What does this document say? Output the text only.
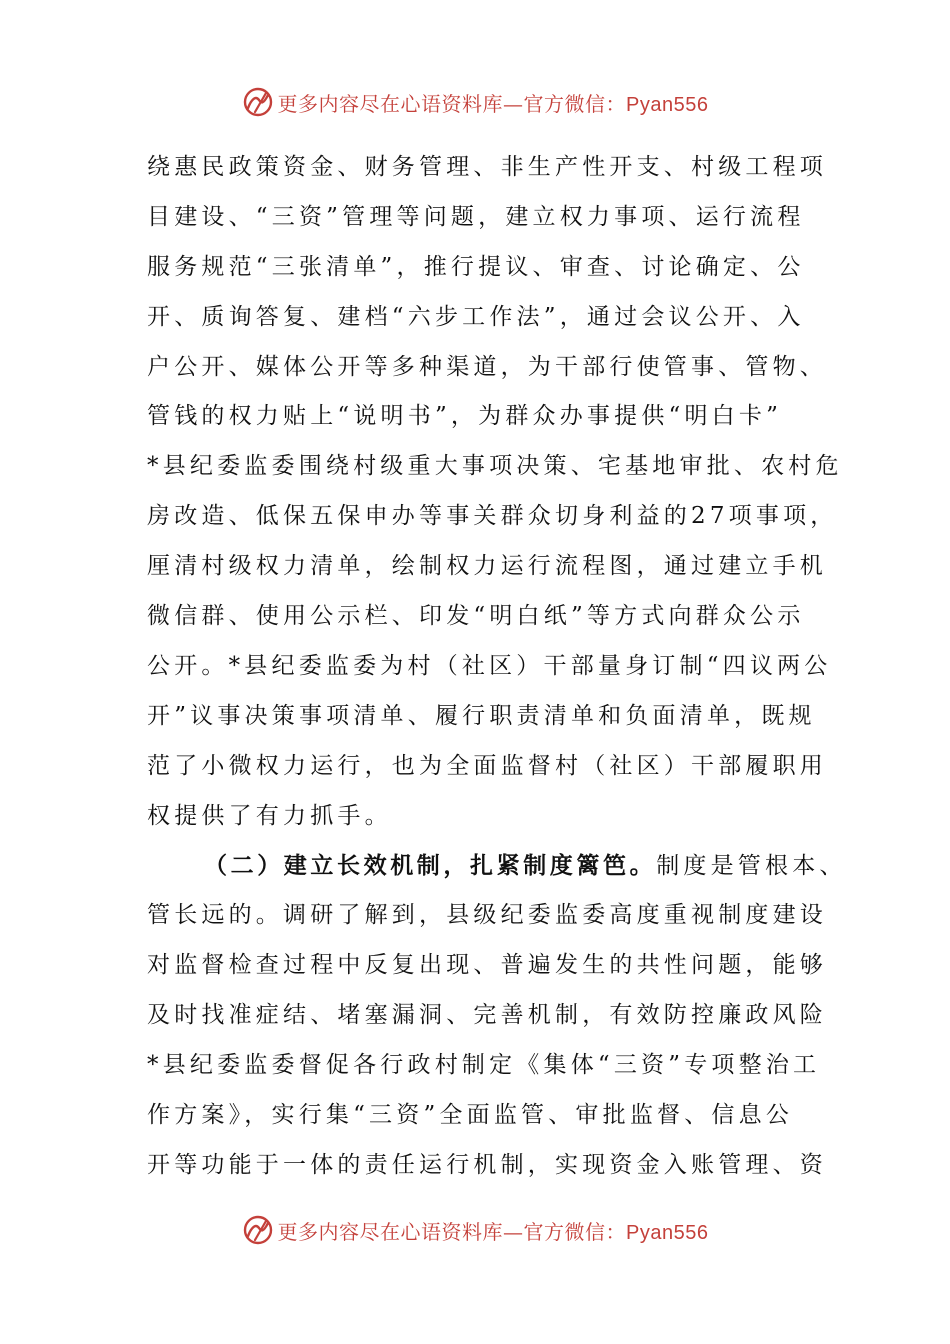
更多内容尽在心语资料库—官方微信：Pyan556
绕惠民政策资金、财务管理、非生产性开支、村级工程项
目建设、“三资”管理等问题，建立权力事项、运行流程
服务规范“三张清单”，推行提议、审查、讨论确定、公
开、质询答复、建档“六步工作法”，通过会议公开、入
户公开、媒体公开等多种渠道，为干部行使管事、管物、
管钱的权力贴上“说明书”，为群众办事提供“明白卡”
*县纪委监委围绕村级重大事项决策、宅基地审批、农村危
房改造、低保五保申办等事关群众切身利益的27项事项，
厘清村级权力清单，绘制权力运行流程图，通过建立手机
微信群、使用公示栏、印发“明白纸”等方式向群众公示
公开。*县纪委监委为村（社区）干部量身订制“四议两公
开”议事决策事项清单、履行职责清单和负面清单，既规
范了小微权力运行，也为全面监督村（社区）干部履职用
权提供了有力抓手。
（二）建立长效机制，扎紧制度篱笆。制度是管根本、
管长远的。调研了解到，县级纪委监委高度重视制度建设
对监督检查过程中反复出现、普遍发生的共性问题，能够
及时找准症结、堵塞漏洞、完善机制，有效防控廉政风险
*县纪委监委督促各行政村制定《集体“三资”专项整治工
作方案》，实行集“三资”全面监管、审批监督、信息公
开等功能于一体的责任运行机制，实现资金入账管理、资
更多内容尽在心语资料库—官方微信：Pyan556
